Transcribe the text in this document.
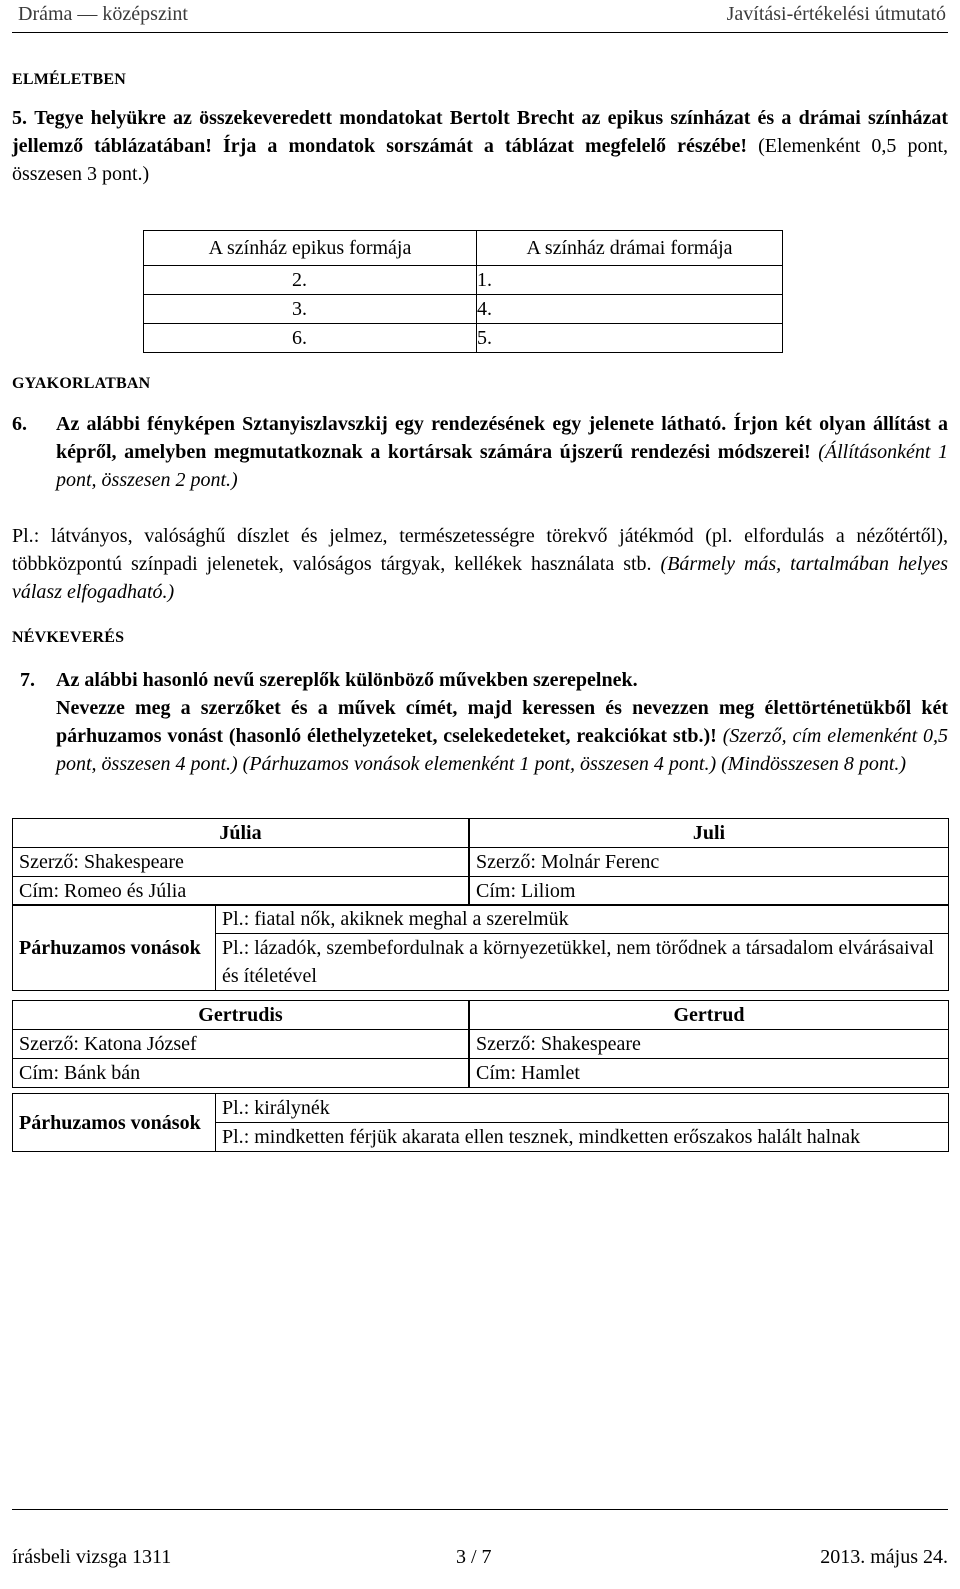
Dráma — középszint	Javítási-értékelési útmutató
ELMÉLETBEN
5. Tegye helyükre az összekeveredett mondatokat Bertolt Brecht az epikus színházat és a drámai színházat jellemző táblázatában! Írja a mondatok sorszámát a táblázat megfelelő részébe! (Elemenként 0,5 pont, összesen 3 pont.)
A színház epikus formája	A színház drámai formája
2.	1.
3.	4.
6.	5.
GYAKORLATBAN
6. Az alábbi fényképen Sztanyiszlavszkij egy rendezésének egy jelenete látható. Írjon két olyan állítást a képről, amelyben megmutatkoznak a kortársak számára újszerű rendezési módszerei! (Állításonként 1 pont, összesen 2 pont.)
Pl.: látványos, valósághű díszlet és jelmez, természetességre törekvő játékmód (pl. elfordulás a nézőtértől), többközpontú színpadi jelenetek, valóságos tárgyak, kellékek használata stb. (Bármely más, tartalmában helyes válasz elfogadható.)
NÉVKEVERÉS
7. Az alábbi hasonló nevű szereplők különböző művekben szerepelnek.
Nevezze meg a szerzőket és a művek címét, majd keressen és nevezzen meg élettörténetükből két párhuzamos vonást (hasonló élethelyzeteket, cselekedeteket, reakciókat stb.)! (Szerző, cím elemenként 0,5 pont, összesen 4 pont.) (Párhuzamos vonások elemenként 1 pont, összesen 4 pont.) (Mindösszesen 8 pont.)
Júlia		Juli
Szerző: Shakespeare		Szerző: Molnár Ferenc
Cím: Romeo és Júlia		Cím: Liliom
Párhuzamos vonások	Pl.: fiatal nők, akiknek meghal a szerelmük
Pl.: lázadók, szembefordulnak a környezetükkel, nem törődnek a társadalom elvárásaival és ítéletével
Gertrudis		Gertrud
Szerző: Katona József		Szerző: Shakespeare
Cím: Bánk bán		Cím: Hamlet
Párhuzamos vonások	Pl.: királynék
Pl.: mindketten férjük akarata ellen tesznek, mindketten erőszakos halált halnak
írásbeli vizsga 1311	3 / 7	2013. május 24.
